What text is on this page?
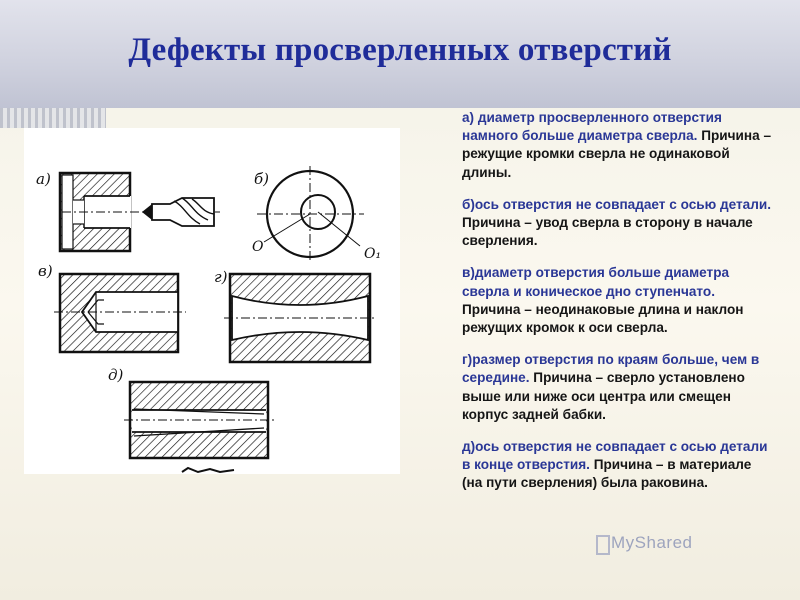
Дефекты просверленных отверстий
а)	б)
O	O₁
в)	г)
д)
а) диаметр просверленного отверстия намного больше диаметра сверла. Причина – режущие кромки сверла не одинаковой длины.
б)ось отверстия не совпадает с осью детали. Причина – увод сверла в сторону в начале сверления.
в)диаметр отверстия больше диаметра сверла и коническое дно ступенчато. Причина – неодинаковые длина и наклон режущих кромок к оси сверла.
г)размер отверстия по краям больше, чем в середине. Причина – сверло установлено выше или ниже оси центра или смещен корпус задней бабки.
д)ось отверстия не совпадает с осью детали в конце отверстия. Причина – в материале (на пути сверления) была раковина.
MyShared
